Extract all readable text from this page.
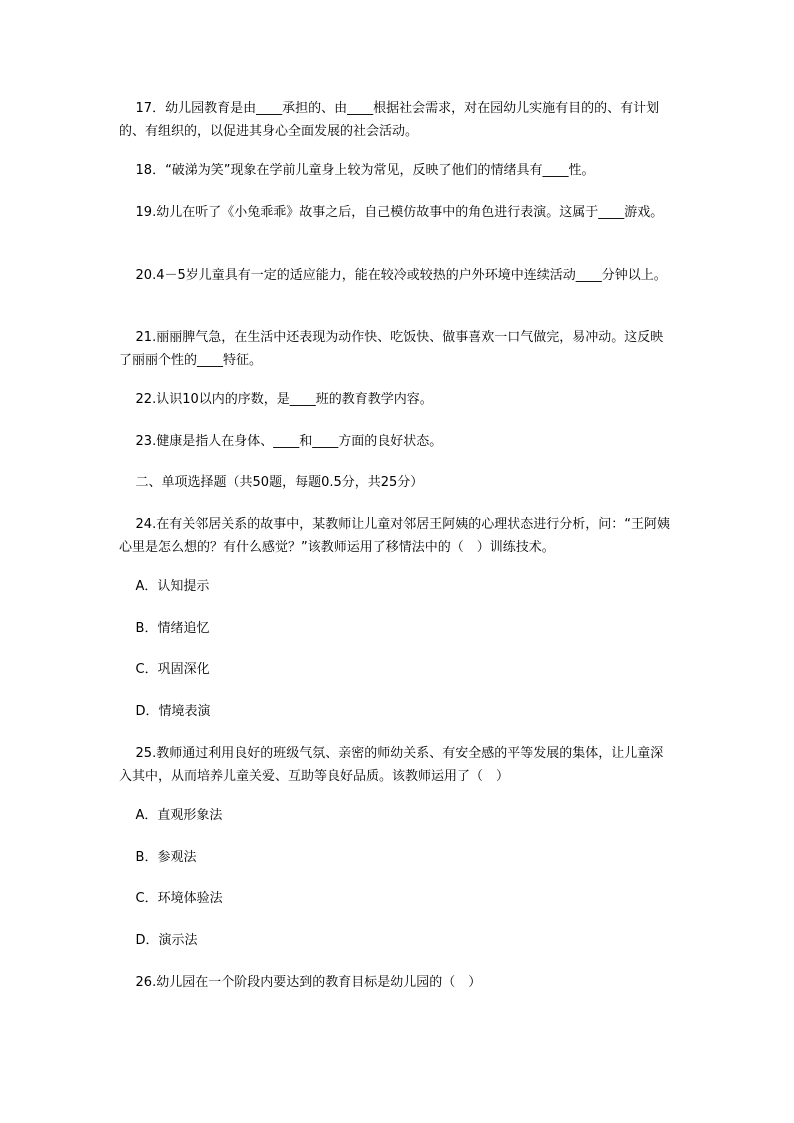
17．幼儿园教育是由____承担的、由____根据社会需求，对在园幼儿实施有目的的、有计划的、有组织的，以促进其身心全面发展的社会活动。

18．“破涕为笑”现象在学前儿童身上较为常见，反映了他们的情绪具有____性。

19.幼儿在听了《小兔乖乖》故事之后，自己模仿故事中的角色进行表演。这属于____游戏。

20.4－5岁儿童具有一定的适应能力，能在较冷或较热的户外环境中连续活动____分钟以上。

21.丽丽脾气急，在生活中还表现为动作快、吃饭快、做事喜欢一口气做完，易冲动。这反映了丽丽个性的____特征。

22.认识10以内的序数，是____班的教育教学内容。

23.健康是指人在身体、____和____方面的良好状态。

二、单项选择题（共50题，每题0.5分，共25分）

24.在有关邻居关系的故事中，某教师让儿童对邻居王阿姨的心理状态进行分析，问：“王阿姨心里是怎么想的？有什么感觉？”该教师运用了移情法中的（　）训练技术。

A．认知提示

B．情绪追忆

C．巩固深化

D．情境表演

25.教师通过利用良好的班级气氛、亲密的师幼关系、有安全感的平等发展的集体，让儿童深入其中，从而培养儿童关爱、互助等良好品质。该教师运用了（　）

A．直观形象法

B．参观法

C．环境体验法

D．演示法

26.幼儿园在一个阶段内要达到的教育目标是幼儿园的（　）
